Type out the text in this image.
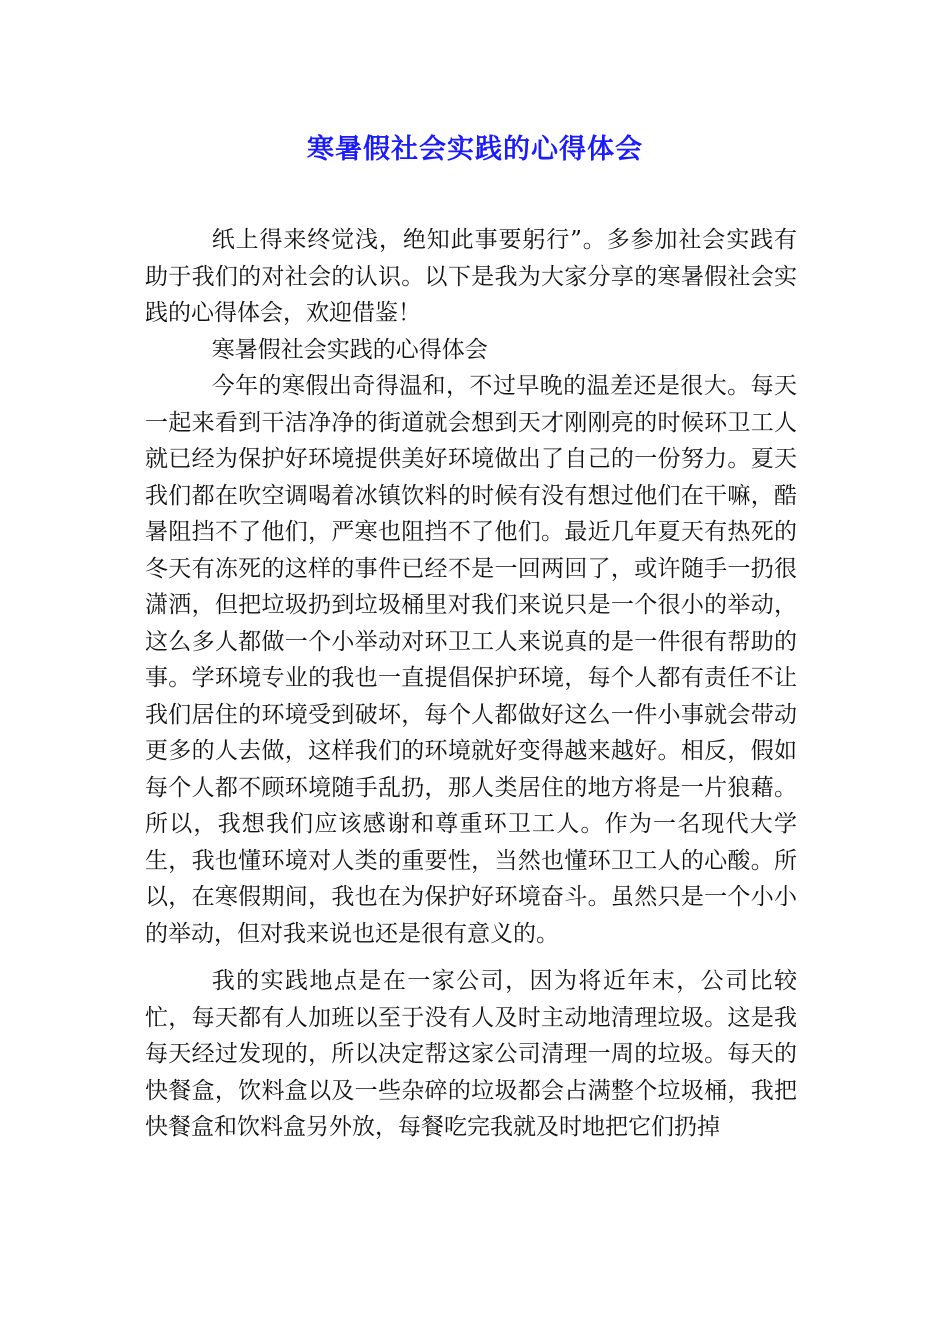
寒暑假社会实践的心得体会

纸上得来终觉浅，绝知此事要躬行”。多参加社会实践有助于我们的对社会的认识。以下是我为大家分享的寒暑假社会实践的心得体会，欢迎借鉴！

寒暑假社会实践的心得体会

今年的寒假出奇得温和，不过早晚的温差还是很大。每天一起来看到干洁净净的街道就会想到天才刚刚亮的时候环卫工人就已经为保护好环境提供美好环境做出了自己的一份努力。夏天我们都在吹空调喝着冰镇饮料的时候有没有想过他们在干嘛，酷暑阻挡不了他们，严寒也阻挡不了他们。最近几年夏天有热死的冬天有冻死的这样的事件已经不是一回两回了，或许随手一扔很潇洒，但把垃圾扔到垃圾桶里对我们来说只是一个很小的举动，这么多人都做一个小举动对环卫工人来说真的是一件很有帮助的事。学环境专业的我也一直提倡保护环境，每个人都有责任不让我们居住的环境受到破坏，每个人都做好这么一件小事就会带动更多的人去做，这样我们的环境就好变得越来越好。相反，假如每个人都不顾环境随手乱扔，那人类居住的地方将是一片狼藉。所以，我想我们应该感谢和尊重环卫工人。作为一名现代大学生，我也懂环境对人类的重要性，当然也懂环卫工人的心酸。所以，在寒假期间，我也在为保护好环境奋斗。虽然只是一个小小的举动，但对我来说也还是很有意义的。

我的实践地点是在一家公司，因为将近年末，公司比较忙，每天都有人加班以至于没有人及时主动地清理垃圾。这是我每天经过发现的，所以决定帮这家公司清理一周的垃圾。每天的快餐盒，饮料盒以及一些杂碎的垃圾都会占满整个垃圾桶，我把快餐盒和饮料盒另外放，每餐吃完我就及时地把它们扔掉
